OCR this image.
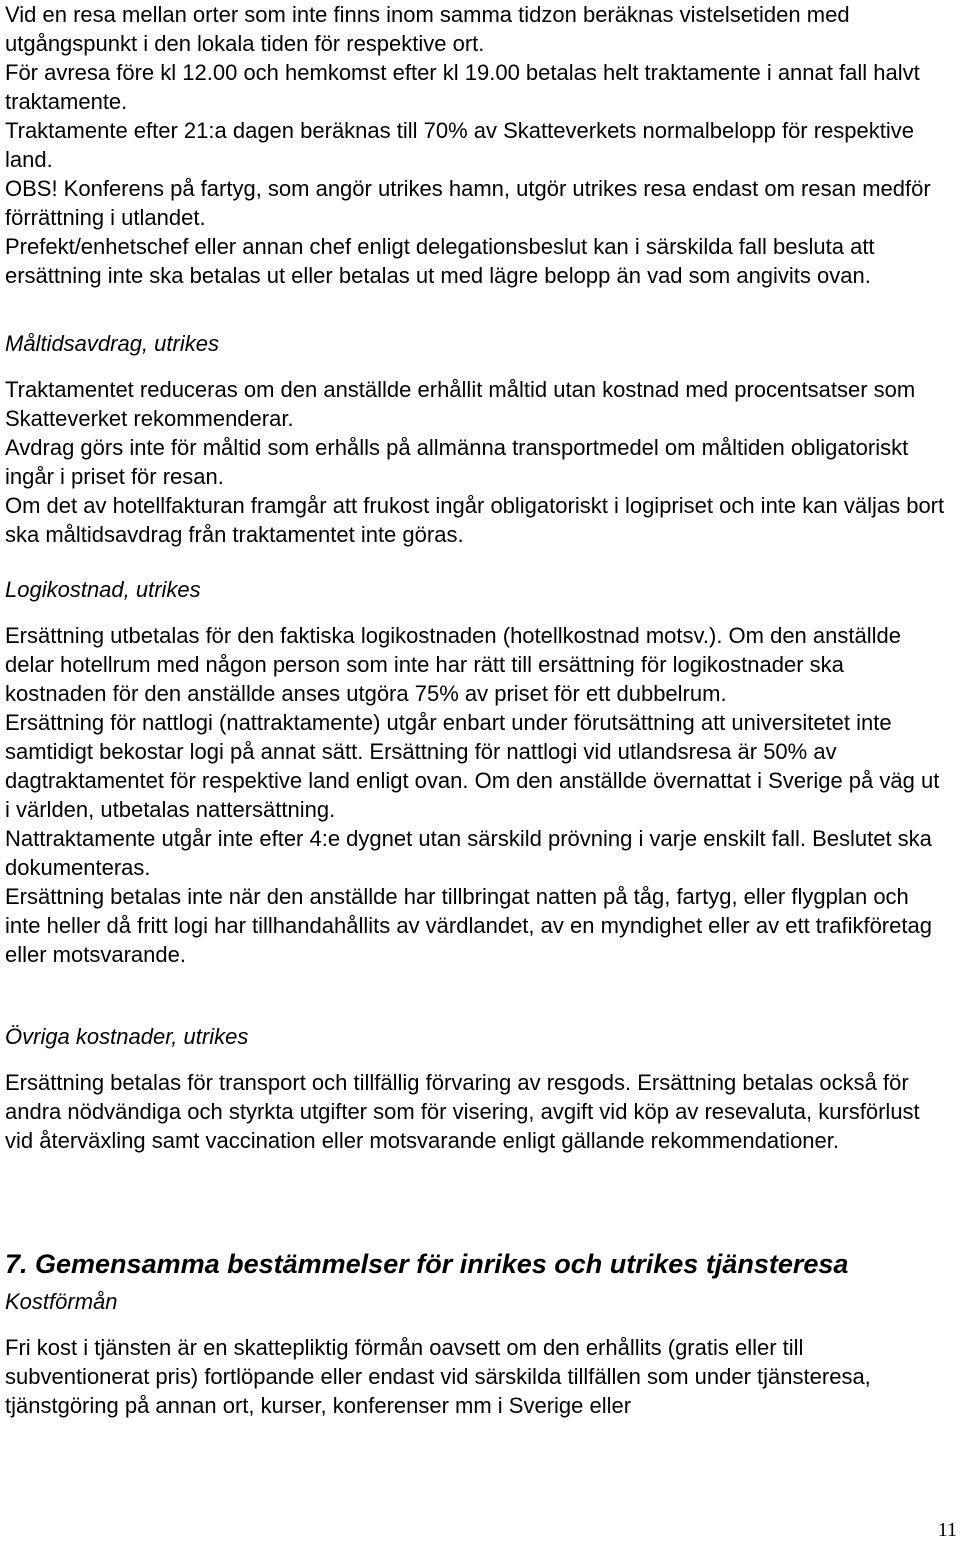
Vid en resa mellan orter som inte finns inom samma tidzon beräknas vistelsetiden med utgångspunkt i den lokala tiden för respektive ort.
För avresa före kl 12.00 och hemkomst efter kl 19.00 betalas helt traktamente i annat fall halvt traktamente.
Traktamente efter 21:a dagen beräknas till 70% av Skatteverkets normalbelopp för respektive land.
OBS! Konferens på fartyg, som angör utrikes hamn, utgör utrikes resa endast om resan medför förrättning i utlandet.
Prefekt/enhetschef eller annan chef enligt delegationsbeslut kan i särskilda fall besluta att ersättning inte ska betalas ut eller betalas ut med lägre belopp än vad som angivits ovan.
Måltidsavdrag, utrikes
Traktamentet reduceras om den anställde erhållit måltid utan kostnad med procentsatser som Skatteverket rekommenderar.
Avdrag görs inte för måltid som erhålls på allmänna transportmedel om måltiden obligatoriskt ingår i priset för resan.
Om det av hotellfakturan framgår att frukost ingår obligatoriskt i logipriset och inte kan väljas bort ska måltidsavdrag från traktamentet inte göras.
Logikostnad, utrikes
Ersättning utbetalas för den faktiska logikostnaden (hotellkostnad motsv.). Om den anställde delar hotellrum med någon person som inte har rätt till ersättning för logikostnader ska kostnaden för den anställde anses utgöra 75% av priset för ett dubbelrum.
Ersättning för nattlogi (nattraktamente) utgår enbart under förutsättning att universitetet inte samtidigt bekostar logi på annat sätt. Ersättning för nattlogi vid utlandsresa är 50% av dagtraktamentet för respektive land enligt ovan. Om den anställde övernattat i Sverige på väg ut i världen, utbetalas nattersättning.
Nattraktamente utgår inte efter 4:e dygnet utan särskild prövning i varje enskilt fall. Beslutet ska dokumenteras.
Ersättning betalas inte när den anställde har tillbringat natten på tåg, fartyg, eller flygplan och inte heller då fritt logi har tillhandahållits av värdlandet, av en myndighet eller av ett trafikföretag eller motsvarande.
Övriga kostnader, utrikes
Ersättning betalas för transport och tillfällig förvaring av resgods. Ersättning betalas också för andra nödvändiga och styrkta utgifter som för visering, avgift vid köp av resevaluta, kursförlust vid återväxling samt vaccination eller motsvarande enligt gällande rekommendationer.
7. Gemensamma bestämmelser för inrikes och utrikes tjänsteresa
Kostförmån
Fri kost i tjänsten är en skattepliktig förmån oavsett om den erhållits (gratis eller till subventionerat pris) fortlöpande eller endast vid särskilda tillfällen som under tjänsteresa, tjänstgöring på annan ort, kurser, konferenser mm i Sverige eller
11
